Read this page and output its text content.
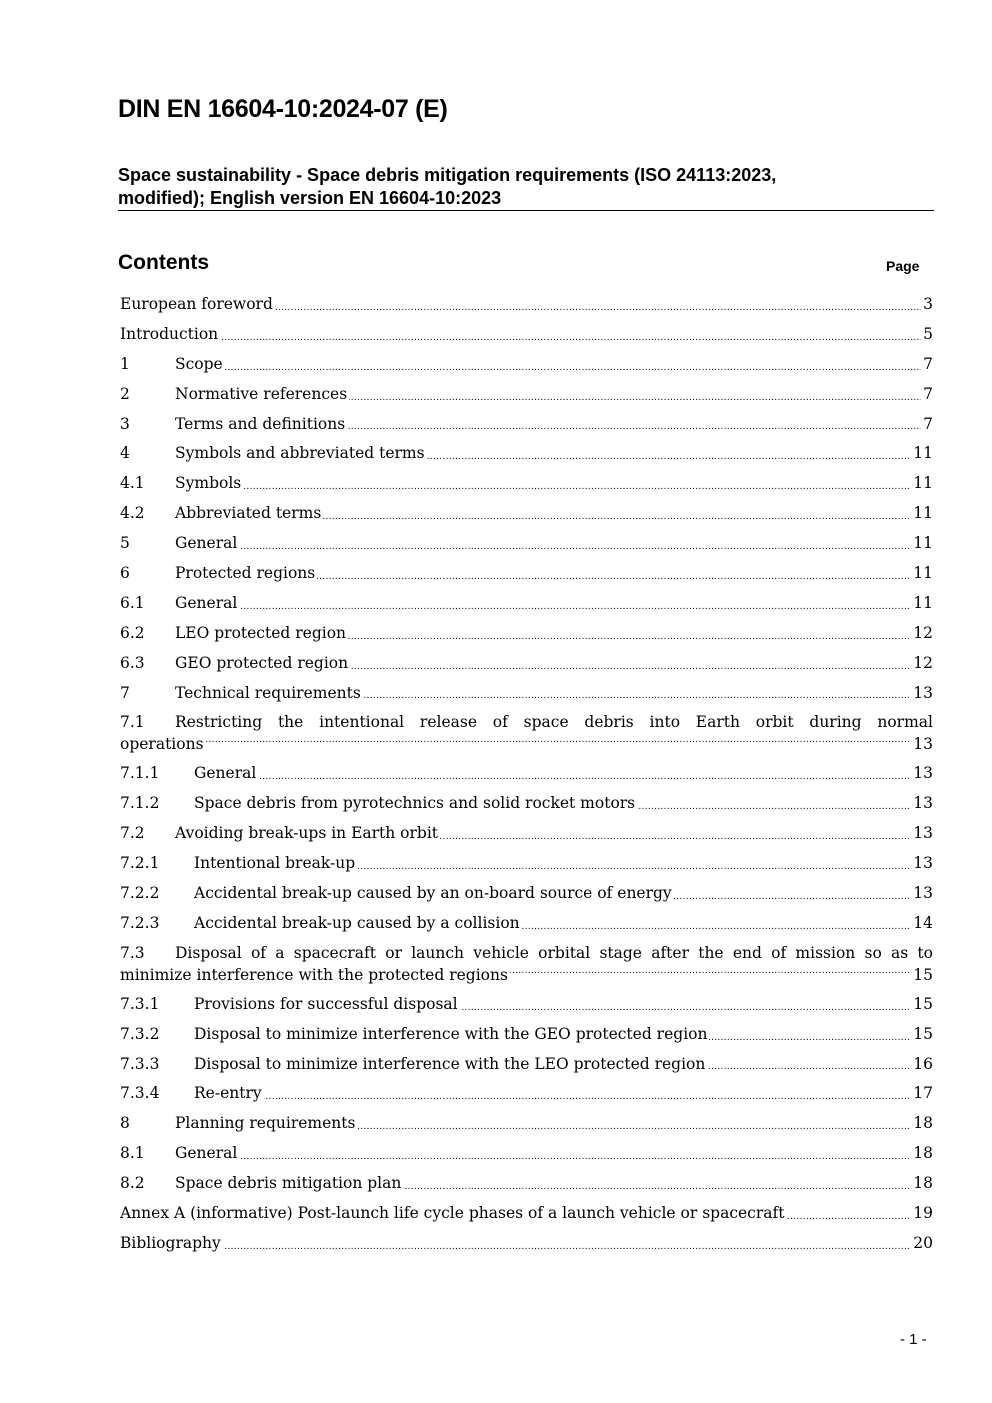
DIN EN 16604-10:2024-07 (E)
Space sustainability - Space debris mitigation requirements (ISO 24113:2023,
modified); English version EN 16604-10:2023
Contents	Page
.....
European foreword	3
.....
Introduction	5
.....
1	Scope	7
.....
2	Normative references	7
.....
3	Terms and definitions	7
.....
4	Symbols and abbreviated terms	11
.....
4.1 Symbols	11
.....
4.2 Abbreviated terms	11
.....
5	General	11
.....
6	Protected regions	11
.....
6.1 General	11
.....
6.2 LEO protected region	12
.....
6.3 GEO protected region	12
.....
7	Technical requirements	13
7.1 Restricting the intentional release of space debris into Earth orbit during normal
.....
operations	13
.....
7.1.1 General	13
.....
7.1.2 Space debris from pyrotechnics and solid rocket motors	13
.....
7.2 Avoiding break-ups in Earth orbit	13
.....
7.2.1 Intentional break-up	13
.....
7.2.2 Accidental break-up caused by an on-board source of energy	13
.....
7.2.3 Accidental break-up caused by a collision	14
7.3 Disposal of a spacecraft or launch vehicle orbital stage after the end of mission so as to
.....
minimize interference with the protected regions	15
.....
7.3.1 Provisions for successful disposal	15
.....
7.3.2 Disposal to minimize interference with the GEO protected region	15
.....
7.3.3 Disposal to minimize interference with the LEO protected region	16
.....
7.3.4 Re-entry	17
.....
8	Planning requirements	18
.....
8.1 General	18
.....
8.2 Space debris mitigation plan	18
.....
Annex A (informative) Post-launch life cycle phases of a launch vehicle or spacecraft	19
.....
Bibliography	20
- 1 -
